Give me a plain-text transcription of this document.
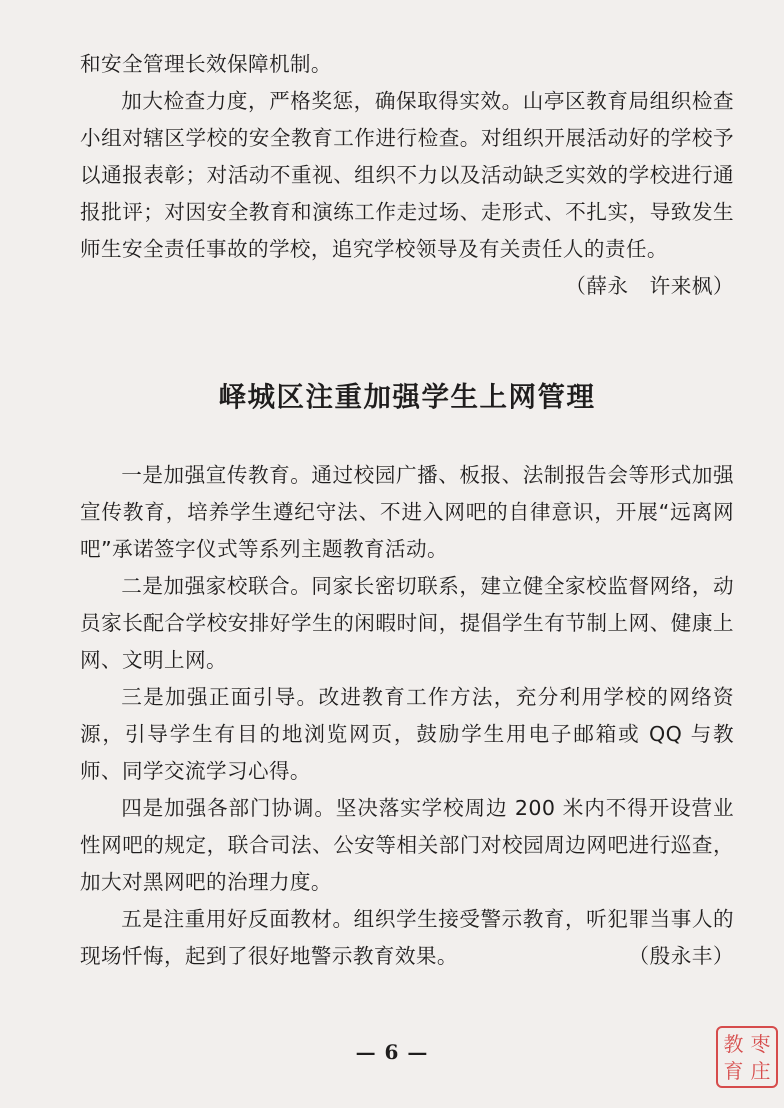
和安全管理长效保障机制。

加大检查力度，严格奖惩，确保取得实效。山亭区教育局组织检查小组对辖区学校的安全教育工作进行检查。对组织开展活动好的学校予以通报表彰；对活动不重视、组织不力以及活动缺乏实效的学校进行通报批评；对因安全教育和演练工作走过场、走形式、不扎实，导致发生师生安全责任事故的学校，追究学校领导及有关责任人的责任。
（薛永　许来枫）

峄城区注重加强学生上网管理

一是加强宣传教育。通过校园广播、板报、法制报告会等形式加强宣传教育，培养学生遵纪守法、不进入网吧的自律意识，开展“远离网吧”承诺签字仪式等系列主题教育活动。

二是加强家校联合。同家长密切联系，建立健全家校监督网络，动员家长配合学校安排好学生的闲暇时间，提倡学生有节制上网、健康上网、文明上网。

三是加强正面引导。改进教育工作方法，充分利用学校的网络资源，引导学生有目的地浏览网页，鼓励学生用电子邮箱或 QQ 与教师、同学交流学习心得。

四是加强各部门协调。坚决落实学校周边 200 米内不得开设营业性网吧的规定，联合司法、公安等相关部门对校园周边网吧进行巡查，加大对黑网吧的治理力度。

五是注重用好反面教材。组织学生接受警示教育，听犯罪当事人的现场忏悔，起到了很好地警示教育效果。	（殷永丰）

— 6 —	教 枣
育 庄
